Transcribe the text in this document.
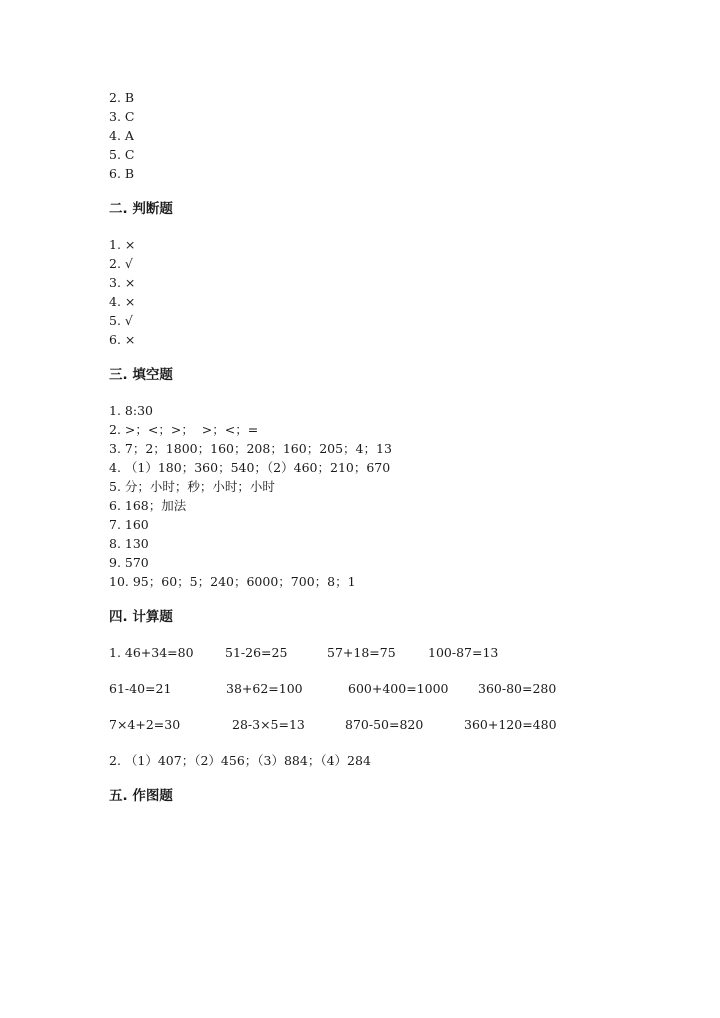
2. B
3. C
4. A
5. C
6. B
二. 判断题
1. ×
2. √
3. ×
4. ×
5. √
6. ×
三. 填空题
1. 8:30
2. >；<；>；  >；<；=
3. 7；2；1800；160；208；160；205；4；13
4. （1）180；360；540；（2）460；210；670
5. 分；小时；秒；小时；小时
6. 168；加法
7. 160
8. 130
9. 570
10. 95；60；5；240；6000；700；8；1
四. 计算题
1. 46+34=80	51-26=25	57+18=75	100-87=13
61-40=21	38+62=100	600+400=1000 360-80=280
7×4+2=30	28-3×5=13	870-50=820	360+120=480
2. （1）407；（2）456；（3）884；（4）284
五. 作图题
